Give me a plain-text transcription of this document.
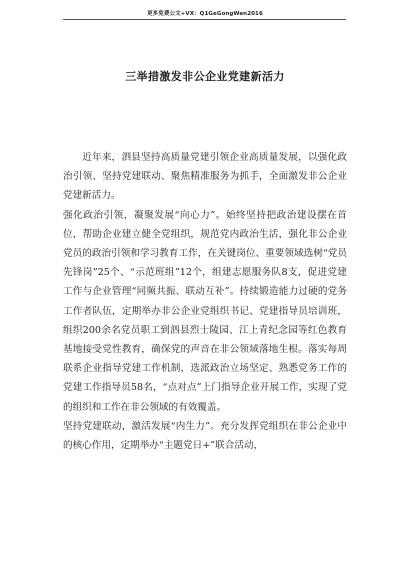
更多免费公文+VX：Q1GeGongWen2016
三举措激发非公企业党建新活力

近年来，泗县坚持高质量党建引领企业高质量发展，以强化政治引领、坚持党建联动、聚焦精准服务为抓手，全面激发非公企业党建新活力。

强化政治引领，凝聚发展“向心力”。始终坚持把政治建设摆在首位，帮助企业建立健全党组织，规范党内政治生活，强化非公企业党员的政治引领和学习教育工作，在关键岗位、重要领域选树“党员先锋岗”25个、“示范班组”12个，组建志愿服务队8支，促进党建工作与企业管理“同频共振、联动互补”。持续锻造能力过硬的党务工作者队伍，定期举办非公企业党组织书记、党建指导员培训班，组织200余名党员职工到泗县烈士陵园、江上青纪念园等红色教育基地接受党性教育，确保党的声音在非公领域落地生根。落实每周联系企业指导党建工作机制，选派政治立场坚定、熟悉党务工作的党建工作指导员58名，“点对点”上门指导企业开展工作，实现了党的组织和工作在非公领域的有效覆盖。

坚持党建联动，激活发展“内生力”。充分发挥党组织在非公企业中的核心作用，定期举办“主题党日+”联合活动，
